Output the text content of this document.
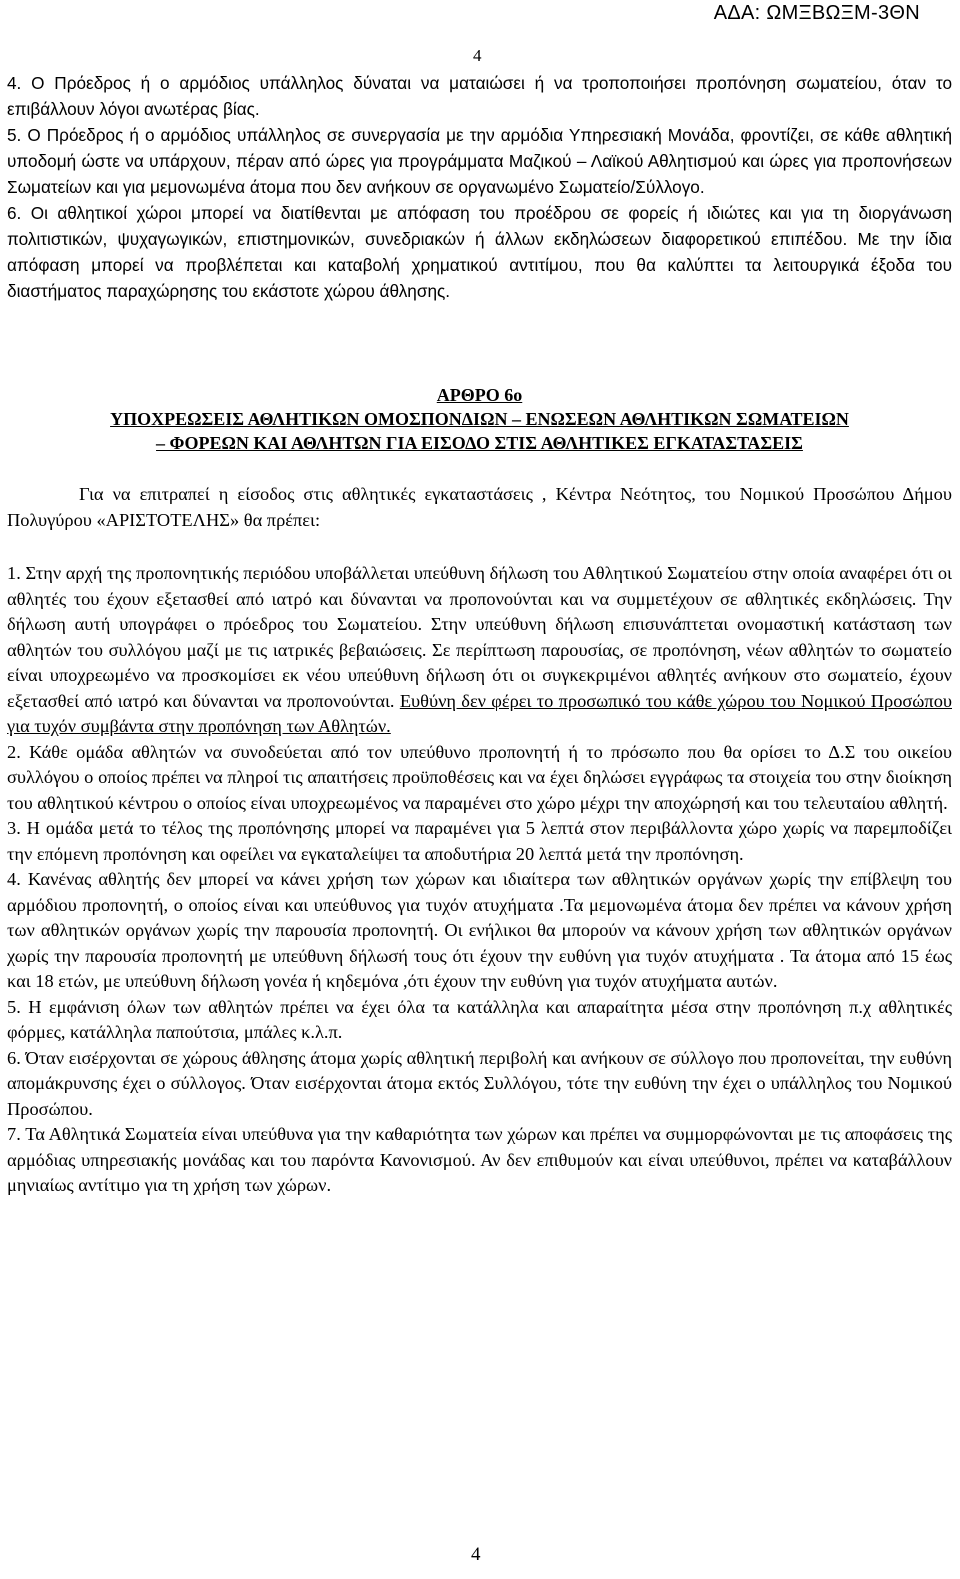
ΑΔΑ: ΩΜΞΒΩΞΜ-3ΘΝ
4

4. Ο Πρόεδρος ή ο αρμόδιος υπάλληλος δύναται να ματαιώσει ή να τροποποιήσει προπόνηση σωματείου, όταν το επιβάλλουν λόγοι ανωτέρας βίας.

5. Ο Πρόεδρος ή ο αρμόδιος υπάλληλος σε συνεργασία με την αρμόδια Υπηρεσιακή Μονάδα, φροντίζει, σε κάθε αθλητική υποδομή ώστε να υπάρχουν, πέραν από ώρες για προγράμματα Μαζικού – Λαϊκού Αθλητισμού και ώρες για προπονήσεων Σωματείων και για μεμονωμένα άτομα που δεν ανήκουν σε οργανωμένο Σωματείο/Σύλλογο.

6. Οι αθλητικοί χώροι μπορεί να διατίθενται με απόφαση του προέδρου σε φορείς ή ιδιώτες και για τη διοργάνωση πολιτιστικών, ψυχαγωγικών, επιστημονικών, συνεδριακών ή άλλων εκδηλώσεων διαφορετικού επιπέδου. Με την ίδια απόφαση μπορεί να προβλέπεται και καταβολή χρηματικού αντιτίμου, που θα καλύπτει τα λειτουργικά έξοδα του διαστήματος παραχώρησης του εκάστοτε χώρου άθλησης.

ΑΡΘΡΟ 6ο
ΥΠΟΧΡΕΩΣΕΙΣ ΑΘΛΗΤΙΚΩΝ ΟΜΟΣΠΟΝΔΙΩΝ – ΕΝΩΣΕΩΝ ΑΘΛΗΤΙΚΩΝ ΣΩΜΑΤΕΙΩΝ
– ΦΟΡΕΩΝ ΚΑΙ ΑΘΛΗΤΩΝ ΓΙΑ ΕΙΣΟΔΟ ΣΤΙΣ ΑΘΛΗΤΙΚΕΣ ΕΓΚΑΤΑΣΤΑΣΕΙΣ

Για να επιτραπεί η είσοδος στις αθλητικές εγκαταστάσεις , Κέντρα Νεότητος, του Νομικού Προσώπου Δήμου Πολυγύρου «ΑΡΙΣΤΟΤΕΛΗΣ» θα πρέπει:

1. Στην αρχή της προπονητικής περιόδου υποβάλλεται υπεύθυνη δήλωση του Αθλητικού Σωματείου στην οποία αναφέρει ότι οι αθλητές του έχουν εξετασθεί από ιατρό και δύνανται να προπονούνται και να συμμετέχουν σε αθλητικές εκδηλώσεις. Την δήλωση αυτή υπογράφει ο πρόεδρος του Σωματείου. Στην υπεύθυνη δήλωση επισυνάπτεται ονομαστική κατάσταση των αθλητών του συλλόγου μαζί με τις ιατρικές βεβαιώσεις. Σε περίπτωση παρουσίας, σε προπόνηση, νέων αθλητών το σωματείο είναι υποχρεωμένο να προσκομίσει εκ νέου υπεύθυνη δήλωση ότι οι συγκεκριμένοι αθλητές ανήκουν στο σωματείο, έχουν εξετασθεί από ιατρό και δύνανται να προπονούνται. Ευθύνη δεν φέρει το προσωπικό του κάθε χώρου του Νομικού Προσώπου για τυχόν συμβάντα στην προπόνηση των Αθλητών.

2. Κάθε ομάδα αθλητών να συνοδεύεται από τον υπεύθυνο προπονητή ή το πρόσωπο που θα ορίσει το Δ.Σ του οικείου συλλόγου ο οποίος πρέπει να πληροί τις απαιτήσεις προϋποθέσεις και να έχει δηλώσει εγγράφως τα στοιχεία του στην διοίκηση του αθλητικού κέντρου ο οποίος είναι υποχρεωμένος να παραμένει στο χώρο μέχρι την αποχώρησή και του τελευταίου αθλητή.

3. Η ομάδα μετά το τέλος της προπόνησης μπορεί να παραμένει για 5 λεπτά στον περιβάλλοντα χώρο χωρίς να παρεμποδίζει την επόμενη προπόνηση και οφείλει να εγκαταλείψει τα αποδυτήρια 20 λεπτά μετά την προπόνηση.

4. Κανένας αθλητής δεν μπορεί να κάνει χρήση των χώρων και ιδιαίτερα των αθλητικών οργάνων χωρίς την επίβλεψη του αρμόδιου προπονητή, ο οποίος είναι και υπεύθυνος για τυχόν ατυχήματα .Τα μεμονωμένα άτομα δεν πρέπει να κάνουν χρήση των αθλητικών οργάνων χωρίς την παρουσία προπονητή. Οι ενήλικοι θα μπορούν να κάνουν χρήση των αθλητικών οργάνων χωρίς την παρουσία προπονητή με υπεύθυνη δήλωσή τους ότι έχουν την ευθύνη για τυχόν ατυχήματα . Τα άτομα από 15 έως και 18 ετών, με υπεύθυνη δήλωση γονέα ή κηδεμόνα ,ότι έχουν την ευθύνη για τυχόν ατυχήματα αυτών.

5. Η εμφάνιση όλων των αθλητών πρέπει να έχει όλα τα κατάλληλα και απαραίτητα μέσα στην προπόνηση π.χ αθλητικές φόρμες, κατάλληλα παπούτσια, μπάλες κ.λ.π.

6. Όταν εισέρχονται σε χώρους άθλησης άτομα χωρίς αθλητική περιβολή και ανήκουν σε σύλλογο που προπονείται, την ευθύνη απομάκρυνσης έχει ο σύλλογος. Όταν εισέρχονται άτομα εκτός Συλλόγου, τότε την ευθύνη την έχει ο υπάλληλος του Νομικού Προσώπου.

7. Τα Αθλητικά Σωματεία είναι υπεύθυνα για την καθαριότητα των χώρων και πρέπει να συμμορφώνονται με τις αποφάσεις της αρμόδιας υπηρεσιακής μονάδας και του παρόντα Κανονισμού. Αν δεν επιθυμούν και είναι υπεύθυνοι, πρέπει να καταβάλλουν μηνιαίως αντίτιμο για τη χρήση των χώρων.

4
